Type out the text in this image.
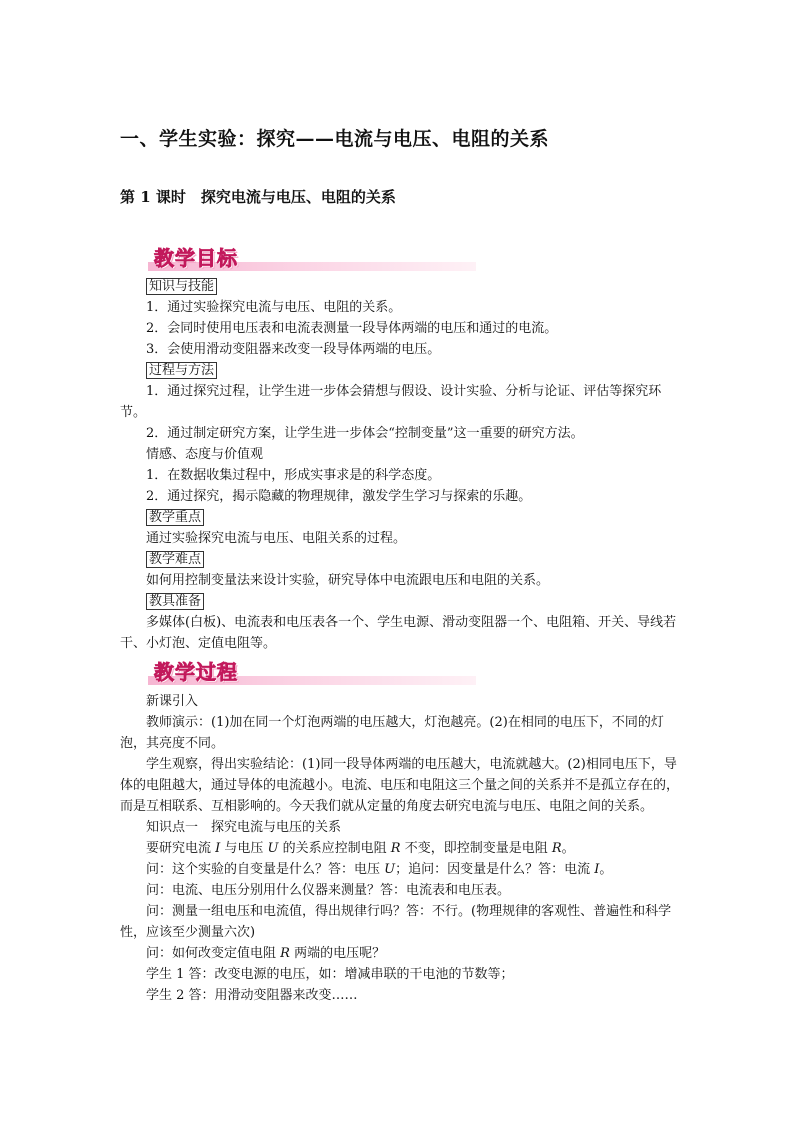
一、学生实验：探究——电流与电压、电阻的关系
第 1 课时　探究电流与电压、电阻的关系
教学目标

知识与技能

1．通过实验探究电流与电压、电阻的关系。

2．会同时使用电压表和电流表测量一段导体两端的电压和通过的电流。

3．会使用滑动变阻器来改变一段导体两端的电压。

过程与方法

1．通过探究过程，让学生进一步体会猜想与假设、设计实验、分析与论证、评估等探究环节。

2．通过制定研究方案，让学生进一步体会“控制变量”这一重要的研究方法。

情感、态度与价值观

1．在数据收集过程中，形成实事求是的科学态度。

2．通过探究，揭示隐藏的物理规律，激发学生学习与探索的乐趣。

教学重点

通过实验探究电流与电压、电阻关系的过程。

教学难点

如何用控制变量法来设计实验，研究导体中电流跟电压和电阻的关系。

教具准备

多媒体(白板)、电流表和电压表各一个、学生电源、滑动变阻器一个、电阻箱、开关、导线若干、小灯泡、定值电阻等。

教学过程

新课引入

教师演示：(1)加在同一个灯泡两端的电压越大，灯泡越亮。(2)在相同的电压下，不同的灯泡，其亮度不同。

学生观察，得出实验结论：(1)同一段导体两端的电压越大，电流就越大。(2)相同电压下，导体的电阻越大，通过导体的电流越小。电流、电压和电阻这三个量之间的关系并不是孤立存在的，而是互相联系、互相影响的。今天我们就从定量的角度去研究电流与电压、电阻之间的关系。

知识点一　探究电流与电压的关系

要研究电流 I 与电压 U 的关系应控制电阻 R 不变，即控制变量是电阻 R。

问：这个实验的自变量是什么？答：电压 U；追问：因变量是什么？答：电流 I。

问：电流、电压分别用什么仪器来测量？答：电流表和电压表。

问：测量一组电压和电流值，得出规律行吗？答：不行。(物理规律的客观性、普遍性和科学性，应该至少测量六次)

问：如何改变定值电阻 R 两端的电压呢？

学生 1 答：改变电源的电压，如：增减串联的干电池的节数等；

学生 2 答：用滑动变阻器来改变……
